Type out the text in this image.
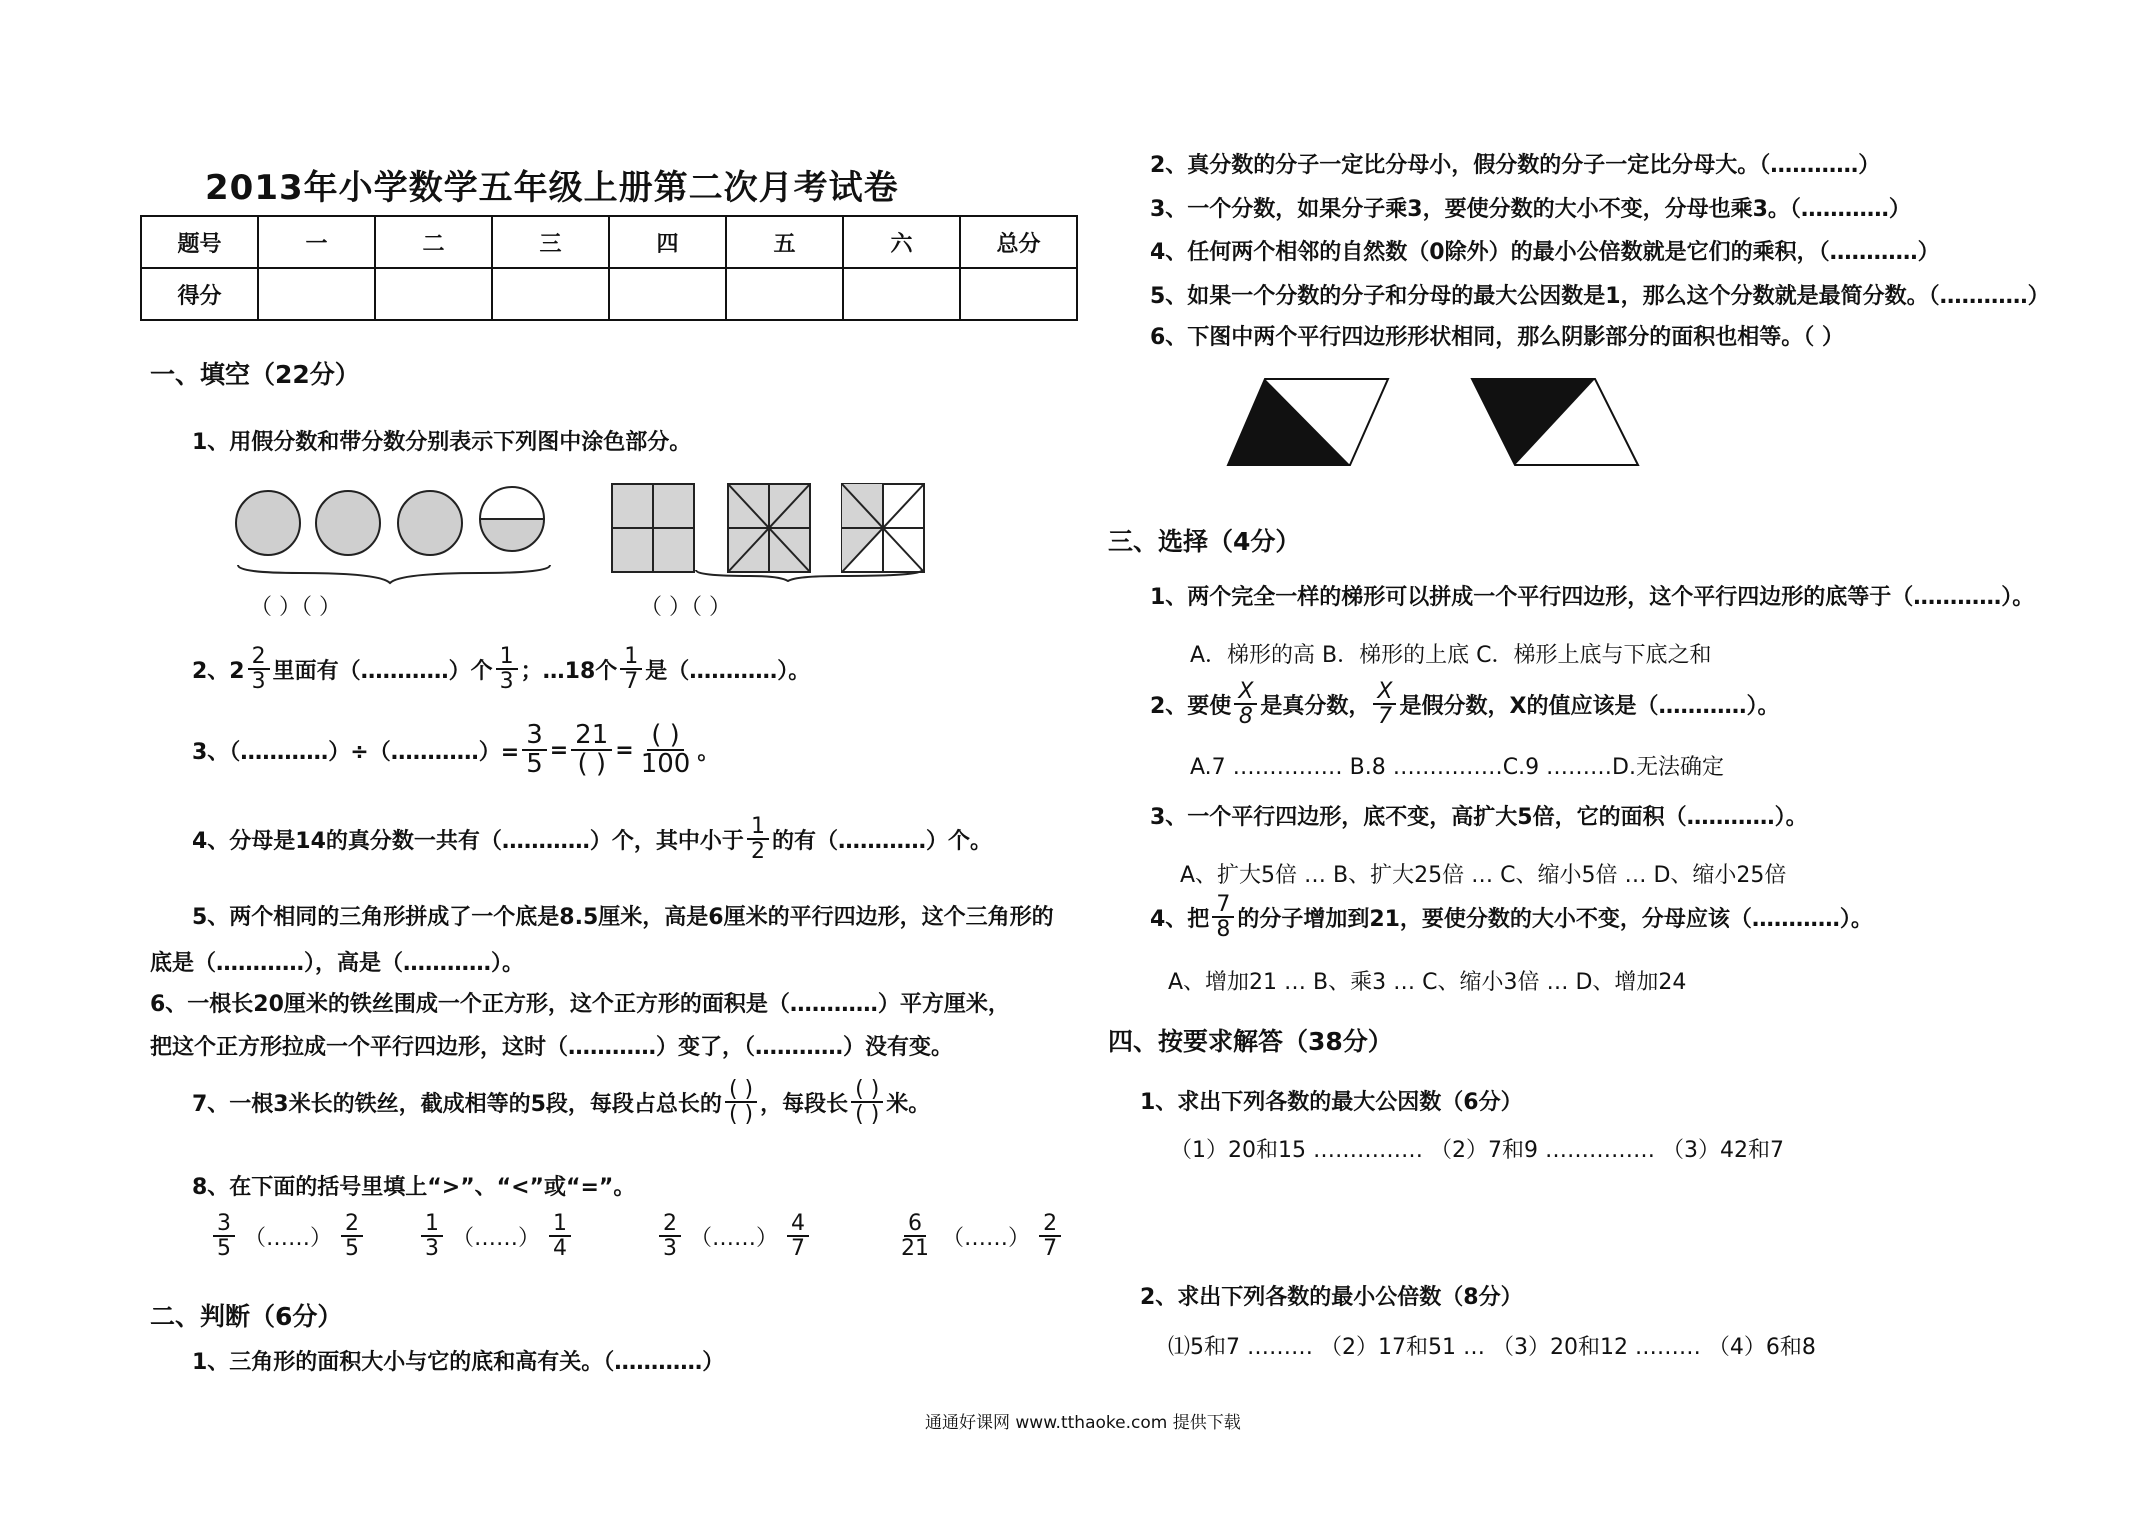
2013年小学数学五年级上册第二次月考试卷
题号	一	二	三	四	五	六	总分
得分							
一、填空（22分）
1、用假分数和带分数分别表示下列图中涂色部分。
（ ）（ ）	（ ）（ ）
2、$2 \frac{2}{3}$ 里面有（…………）个 $\frac{1}{3}$ ；…18个 $\frac{1}{7}$ 是（…………）。
3、（…………）÷（…………）= $\frac{3}{5} = \frac{21}{( )} = \frac{( )}{100}$ 。
4、分母是14的真分数一共有（…………）个，其中小于 $\frac{1}{2}$ 的有（…………）个。
5、两个相同的三角形拼成了一个底是8.5厘米，高是6厘米的平行四边形，这个三角形的
底是（…………），高是（…………）。
6、一根长20厘米的铁丝围成一个正方形，这个正方形的面积是（…………）平方厘米，
把这个正方形拉成一个平行四边形，这时（…………）变了，（…………）没有变。
7、一根3米长的铁丝，截成相等的5段，每段占总长的 $\frac{( )}{( )}$ ，每段长 $\frac{( )}{( )}$ 米。
8、在下面的括号里填上“>”、“<”或“=”。
$\frac{3}{5}$ （……） $\frac{2}{5}$	$\frac{1}{3}$ （……） $\frac{1}{4}$	$\frac{2}{3}$ （……） $\frac{4}{7}$	$\frac{6}{21}$ （……） $\frac{2}{7}$
二、判断（6分）
1、三角形的面积大小与它的底和高有关。（…………）
2、真分数的分子一定比分母小，假分数的分子一定比分母大。（…………）
3、一个分数，如果分子乘3，要使分数的大小不变，分母也乘3。（…………）
4、任何两个相邻的自然数（0除外）的最小公倍数就是它们的乘积，（…………）
5、如果一个分数的分子和分母的最大公因数是1，那么这个分数就是最简分数。（…………）
6、下图中两个平行四边形形状相同，那么阴影部分的面积也相等。（ ）
三、选择（4分）
1、两个完全一样的梯形可以拼成一个平行四边形，这个平行四边形的底等于（…………）。
A．梯形的高 B．梯形的上底 C．梯形上底与下底之和
2、要使 $\frac{X}{8}$ 是真分数， $\frac{X}{7}$ 是假分数，X的值应该是（…………）。
A.7 …………… B.8 ……………C.9 ………D.无法确定
3、一个平行四边形，底不变，高扩大5倍，它的面积（…………）。
A、扩大5倍 … B、扩大25倍 … C、缩小5倍 … D、缩小25倍
4、把 $\frac{7}{8}$ 的分子增加到21，要使分数的大小不变，分母应该（…………）。
A、增加21 … B、乘3 … C、缩小3倍 … D、增加24
四、按要求解答（38分）
1、求出下列各数的最大公因数（6分）
（1）20和15 …………… （2）7和9 …………… （3）42和7
2、求出下列各数的最小公倍数（8分）
⑴5和7 ……… （2）17和51 … （3）20和12 ……… （4）6和8
通通好课网 www.tthaoke.com 提供下载
